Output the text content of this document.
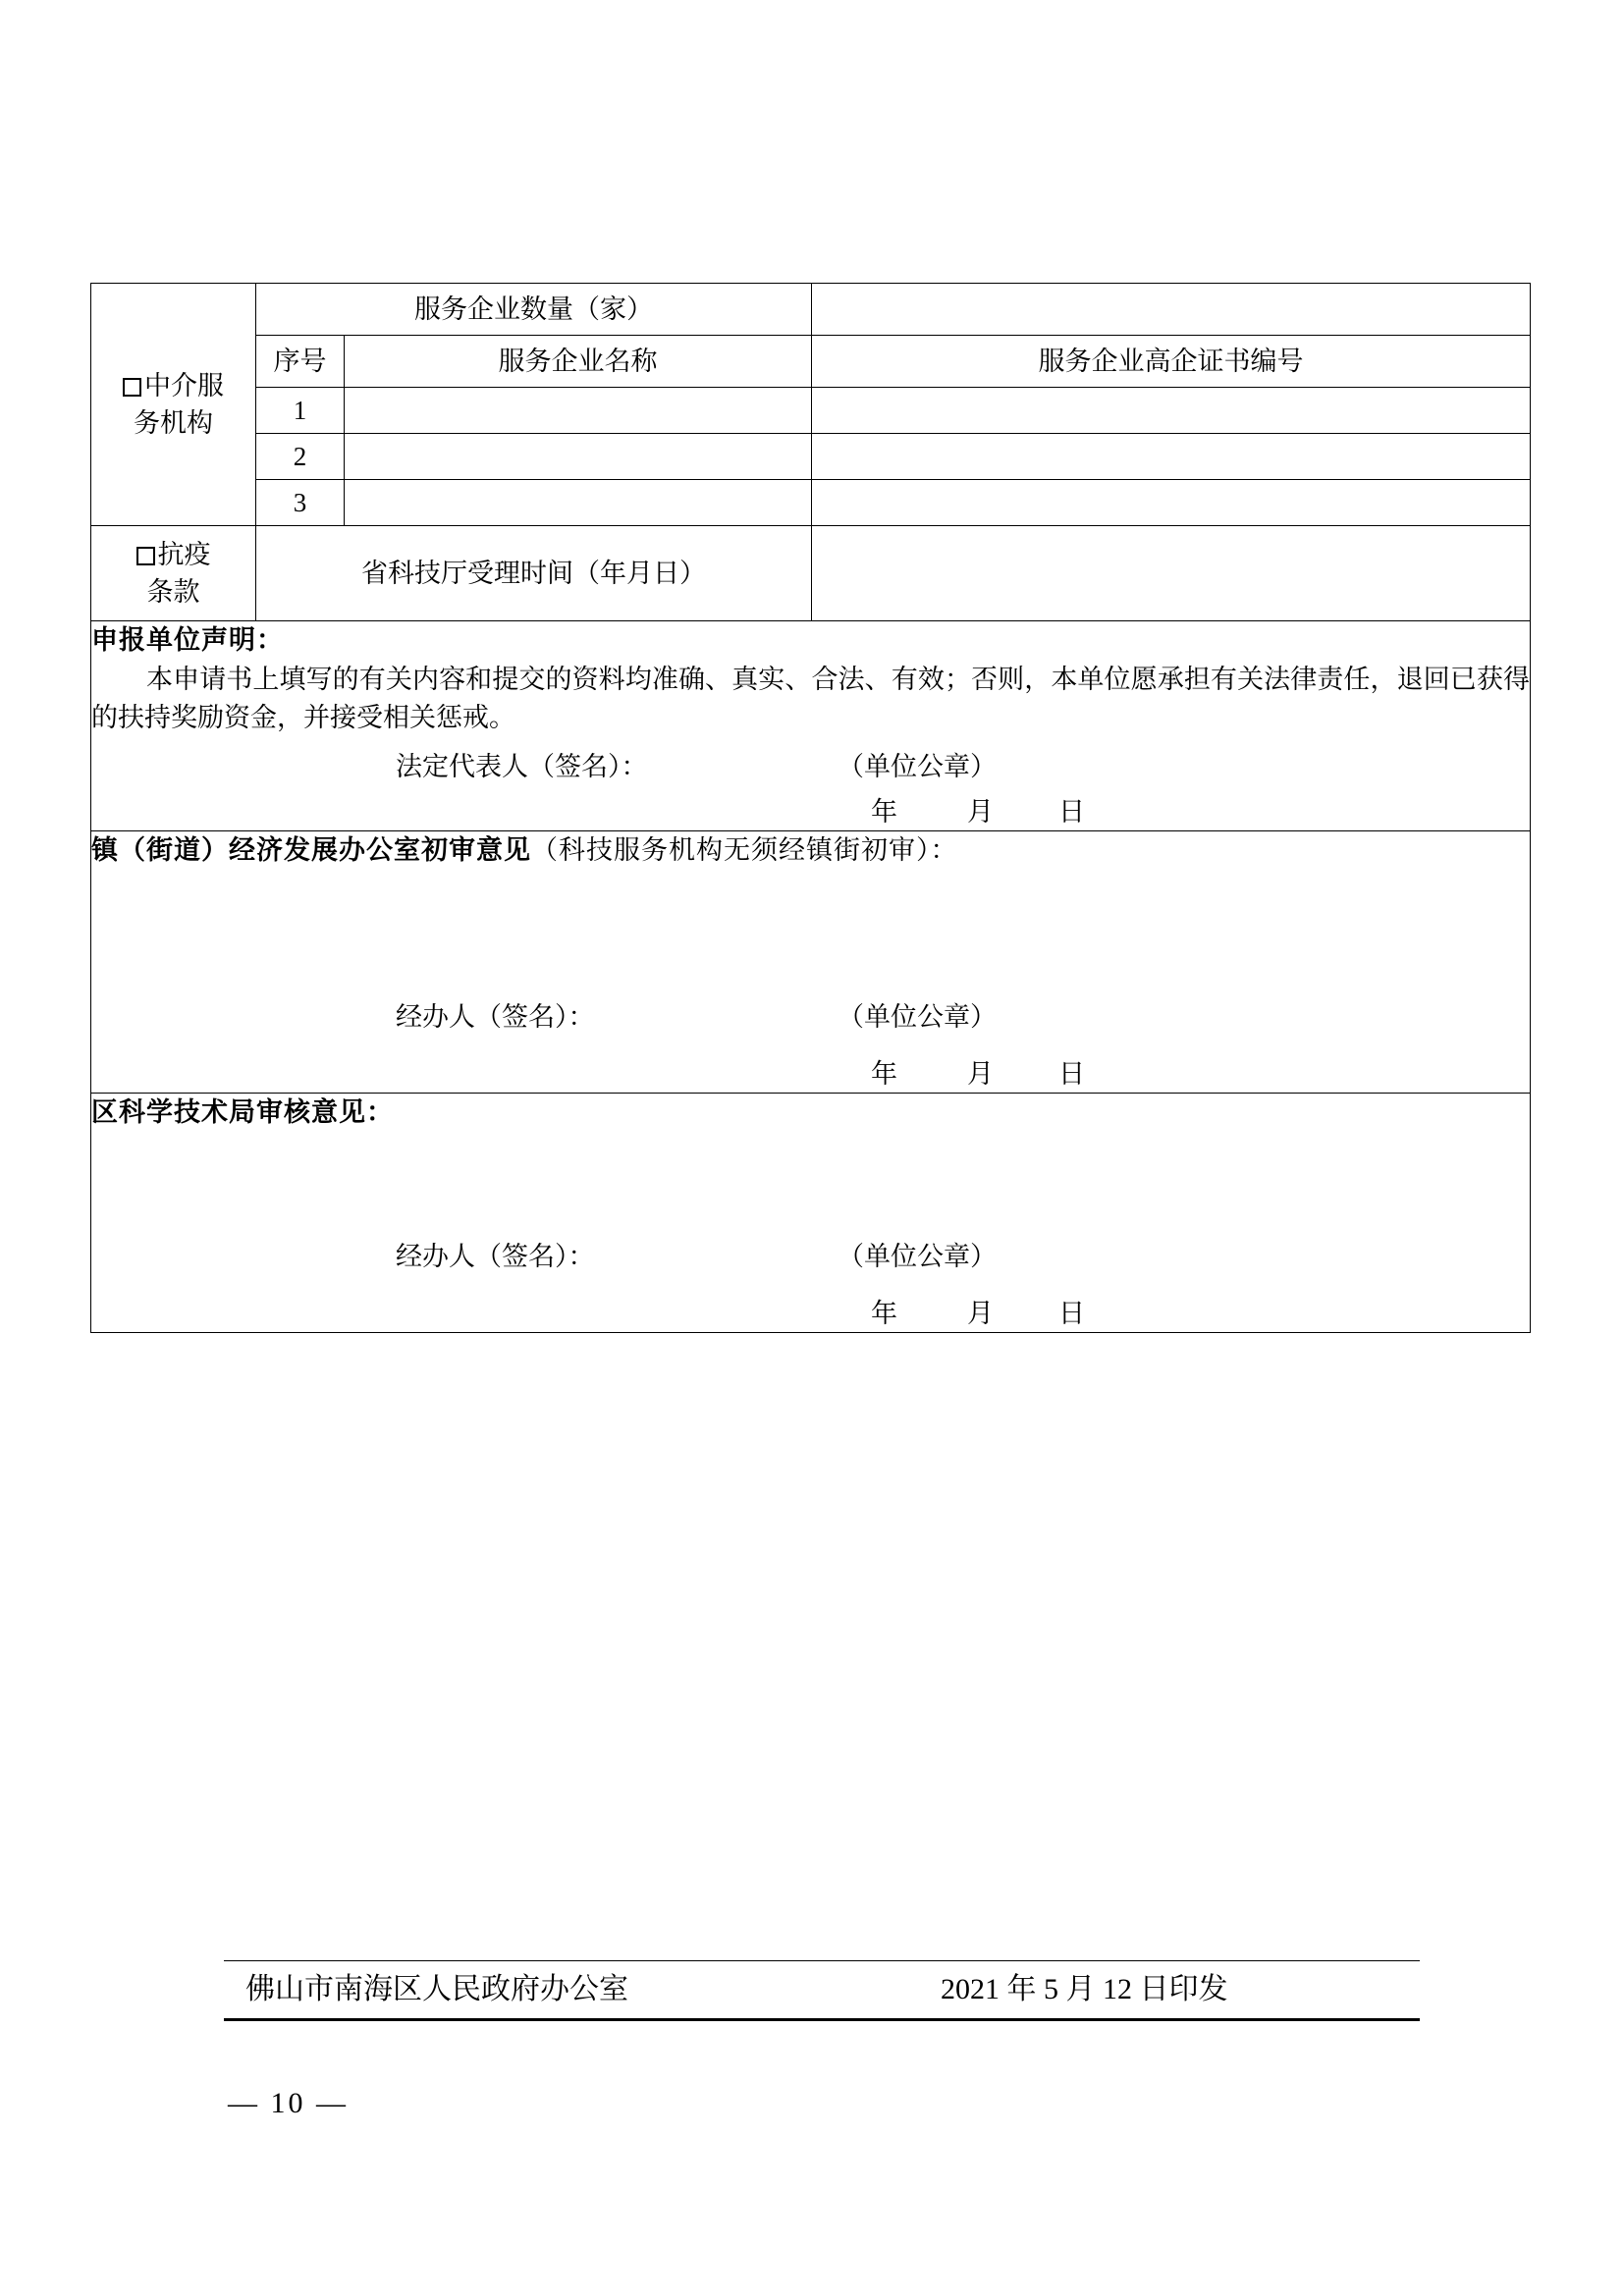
中介服
务机构	服务企业数量（家）		
	序号	服务企业名称	服务企业高企证书编号
	1		
	2		
	3		

抗疫
条款	省科技厅受理时间（年月日）		

申报单位声明：
本申请书上填写的有关内容和提交的资料均准确、真实、合法、有效；否则，本单位愿承担有关法律责任，退回已获得的扶持奖励资金，并接受相关惩戒。
法定代表人（签名）：	（单位公章）
年	月 日

镇（街道）经济发展办公室初审意见（科技服务机构无须经镇街初审）：
经办人（签名）：	（单位公章）
年	月 日

区科学技术局审核意见：
经办人（签名）：	（单位公章）
年	月 日
佛山市南海区人民政府办公室	2021 年 5 月 12 日印发
— 10 —
